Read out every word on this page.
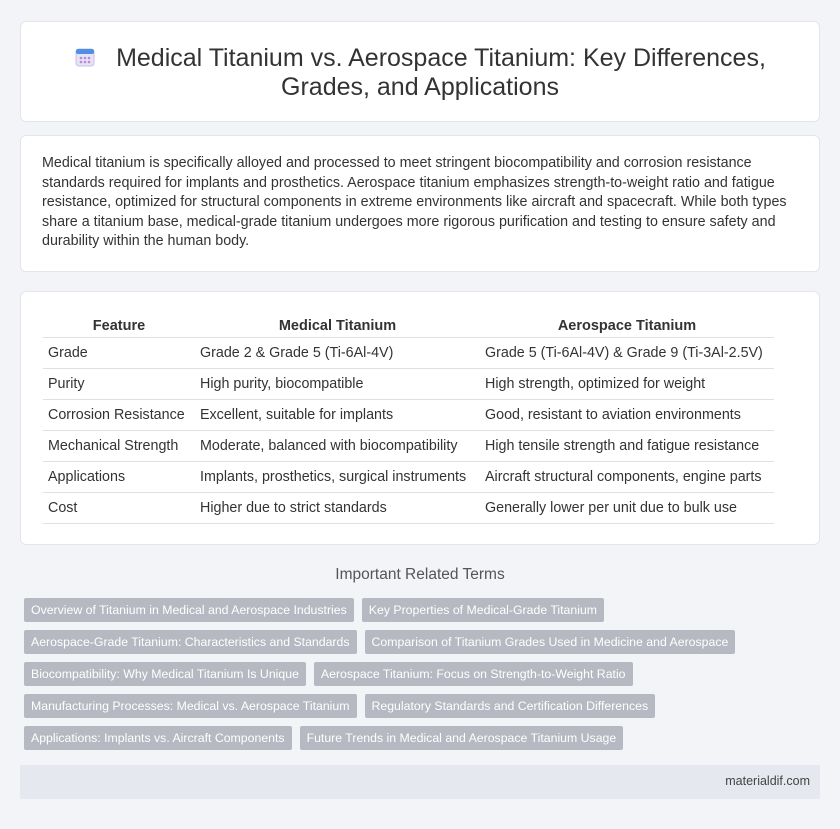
Medical Titanium vs. Aerospace Titanium: Key Differences,
Grades, and Applications

Medical titanium is specifically alloyed and processed to meet stringent biocompatibility and corrosion resistance standards required for implants and prosthetics. Aerospace titanium emphasizes strength-to-weight ratio and fatigue resistance, optimized for structural components in extreme environments like aircraft and spacecraft. While both types share a titanium base, medical-grade titanium undergoes more rigorous purification and testing to ensure safety and durability within the human body.

Feature	Medical Titanium	Aerospace Titanium
Grade	Grade 2 & Grade 5 (Ti-6Al-4V)	Grade 5 (Ti-6Al-4V) & Grade 9 (Ti-3Al-2.5V)
Purity	High purity, biocompatible	High strength, optimized for weight
Corrosion Resistance	Excellent, suitable for implants	Good, resistant to aviation environments
Mechanical Strength	Moderate, balanced with biocompatibility	High tensile strength and fatigue resistance
Applications	Implants, prosthetics, surgical instruments	Aircraft structural components, engine parts
Cost	Higher due to strict standards	Generally lower per unit due to bulk use
Important Related Terms
Overview of Titanium in Medical and Aerospace Industries	Key Properties of Medical-Grade Titanium
Aerospace-Grade Titanium: Characteristics and Standards	Comparison of Titanium Grades Used in Medicine and Aerospace
Biocompatibility: Why Medical Titanium Is Unique	Aerospace Titanium: Focus on Strength-to-Weight Ratio
Manufacturing Processes: Medical vs. Aerospace Titanium	Regulatory Standards and Certification Differences
Applications: Implants vs. Aircraft Components	Future Trends in Medical and Aerospace Titanium Usage
materialdif.com
